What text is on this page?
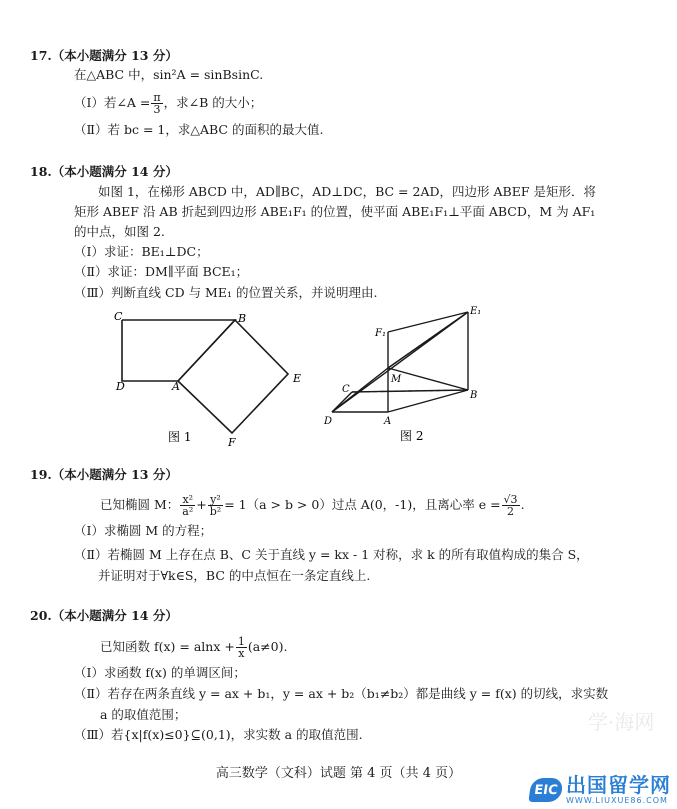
17.（本小题满分 13 分）
在△ABC 中，sin²A = sinBsinC.
（Ⅰ）若∠A = $\frac{\pi}{3}$ ，求∠B 的大小；
（Ⅱ）若 bc = 1，求△ABC 的面积的最大值.
18.（本小题满分 14 分）
如图 1，在梯形 ABCD 中，AD∥BC，AD⊥DC，BC = 2AD，四边形 ABEF 是矩形．将
矩形 ABEF 沿 AB 折起到四边形 ABE₁F₁ 的位置，使平面 ABE₁F₁⊥平面 ABCD，M 为 AF₁
的中点，如图 2.
（Ⅰ）求证：BE₁⊥DC；
（Ⅱ）求证：DM∥平面 BCE₁；
（Ⅲ）判断直线 CD 与 ME₁ 的位置关系，并说明理由.
C	B
D	A
E
F
图 1
E₁
F₁
M
C
B
D	A
图 2
19.（本小题满分 13 分）
已知椭圆 M： $\frac{\text{x²}}{\text{a²}} + \frac{\text{y²}}{\text{b²}} = 1(a > b > 0)$过点 A(0，-1)，且离心率 $e = \frac{√3}{2}$ .
（Ⅰ）求椭圆 M 的方程；
（Ⅱ）若椭圆 M 上存在点 B、C 关于直线 y = kx - 1 对称，求 k 的所有取值构成的集合 S，
并证明对于∀k∈S，BC 的中点恒在一条定直线上.
20.（本小题满分 14 分）
已知函数 $f(x) = alnx + \frac{1}{x} (a\ne 0)$.
（Ⅰ）求函数 f(x) 的单调区间；
（Ⅱ）若存在两条直线 y = ax + b₁，y = ax + b₂（b₁≠b₂）都是曲线 y = f(x) 的切线，求实数
a 的取值范围；
（Ⅲ）若{x|f(x)≤0}⊆(0,1)，求实数 a 的取值范围.
学·海网
高三数学（文科）试题 第 4 页（共 4 页）
EIC 出国留学网
WWW.LIUXUE86.COM
